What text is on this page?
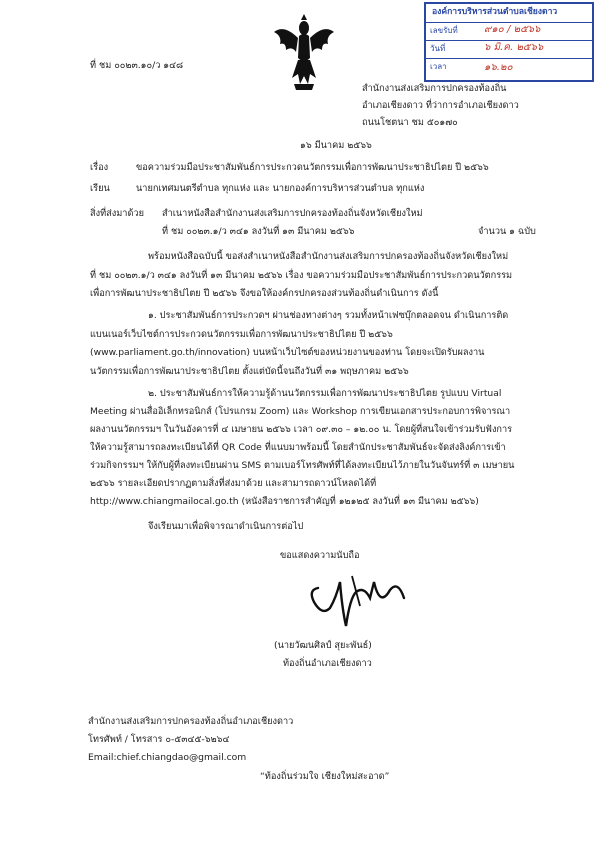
องค์การบริหารส่วนตำบลเชียงดาว
เลขรับที่	๙๑๐ / ๒๕๖๖
วันที่	๖ มิ.ค. ๒๕๖๖
เวลา	๑๖.๒๐
ที่ ชม ๐๐๒๓.๑๐/ว ๑๔๘
สำนักงานส่งเสริมการปกครองท้องถิ่น
อำเภอเชียงดาว ที่ว่าการอำเภอเชียงดาว
ถนนโชตนา ชม ๕๐๑๗๐
๑๖ มีนาคม ๒๕๖๖
เรื่อง	ขอความร่วมมือประชาสัมพันธ์การประกวดนวัตกรรมเพื่อการพัฒนาประชาธิปไตย ปี ๒๕๖๖
เรียน	นายกเทศมนตรีตำบล ทุกแห่ง และ นายกองค์การบริหารส่วนตำบล ทุกแห่ง
สิ่งที่ส่งมาด้วย สำเนาหนังสือสำนักงานส่งเสริมการปกครองท้องถิ่นจังหวัดเชียงใหม่
ที่ ชม ๐๐๒๓.๑/ว ๓๔๑ ลงวันที่ ๑๓ มีนาคม ๒๕๖๖	จำนวน ๑ ฉบับ
พร้อมหนังสือฉบับนี้ ขอส่งสำเนาหนังสือสำนักงานส่งเสริมการปกครองท้องถิ่นจังหวัดเชียงใหม่ ที่ ชม ๐๐๒๓.๑/ว ๓๔๑ ลงวันที่ ๑๓ มีนาคม ๒๕๖๖ เรื่อง ขอความร่วมมือประชาสัมพันธ์การประกวดนวัตกรรมเพื่อการพัฒนาประชาธิปไตย ปี ๒๕๖๖ จึงขอให้องค์กรปกครองส่วนท้องถิ่นดำเนินการ ดังนี้
๑. ประชาสัมพันธ์การประกวดฯ ผ่านช่องทางต่างๆ รวมทั้งหน้าเฟซบุ๊กตลอดจน ดำเนินการติดแบนเนอร์เว็บไซต์การประกวดนวัตกรรมเพื่อการพัฒนาประชาธิปไตย ปี ๒๕๖๖ (www.parliament.go.th/innovation) บนหน้าเว็บไซต์ของหน่วยงานของท่าน โดยจะเปิดรับผลงานนวัตกรรมเพื่อการพัฒนาประชาธิปไตย ตั้งแต่บัดนี้จนถึงวันที่ ๓๑ พฤษภาคม ๒๕๖๖
๒. ประชาสัมพันธ์การให้ความรู้ด้านนวัตกรรมเพื่อการพัฒนาประชาธิปไตย รูปแบบ Virtual Meeting ผ่านสื่ออิเล็กทรอนิกส์ (โปรแกรม Zoom) และ Workshop การเขียนเอกสารประกอบการพิจารณาผลงานนวัตกรรมฯ ในวันอังคารที่ ๔ เมษายน ๒๕๖๖ เวลา ๐๙.๓๐ – ๑๒.๐๐ น. โดยผู้ที่สนใจเข้าร่วมรับฟังการให้ความรู้สามารถลงทะเบียนได้ที่ QR Code ที่แนบมาพร้อมนี้ โดยสำนักประชาสัมพันธ์จะจัดส่งลิงค์การเข้าร่วมกิจกรรมฯ ให้กับผู้ที่ลงทะเบียนผ่าน SMS ตามเบอร์โทรศัพท์ที่ได้ลงทะเบียนไว้ภายในวันจันทร์ที่ ๓ เมษายน ๒๕๖๖ รายละเอียดปรากฏตามสิ่งที่ส่งมาด้วย และสามารถดาวน์โหลดได้ที่ http://www.chiangmailocal.go.th (หนังสือราชการสำคัญที่ ๑๒๑๒๕ ลงวันที่ ๑๓ มีนาคม ๒๕๖๖)
จึงเรียนมาเพื่อพิจารณาดำเนินการต่อไป
ขอแสดงความนับถือ
(นายวัฒนศิลป์ สุยะพันธ์)
ท้องถิ่นอำเภอเชียงดาว
สำนักงานส่งเสริมการปกครองท้องถิ่นอำเภอเชียงดาว
โทรศัพท์ / โทรสาร ๐-๕๓๔๕-๖๒๖๔
Email:chief.chiangdao@gmail.com
“ท้องถิ่นร่วมใจ เชียงใหม่สะอาด”
